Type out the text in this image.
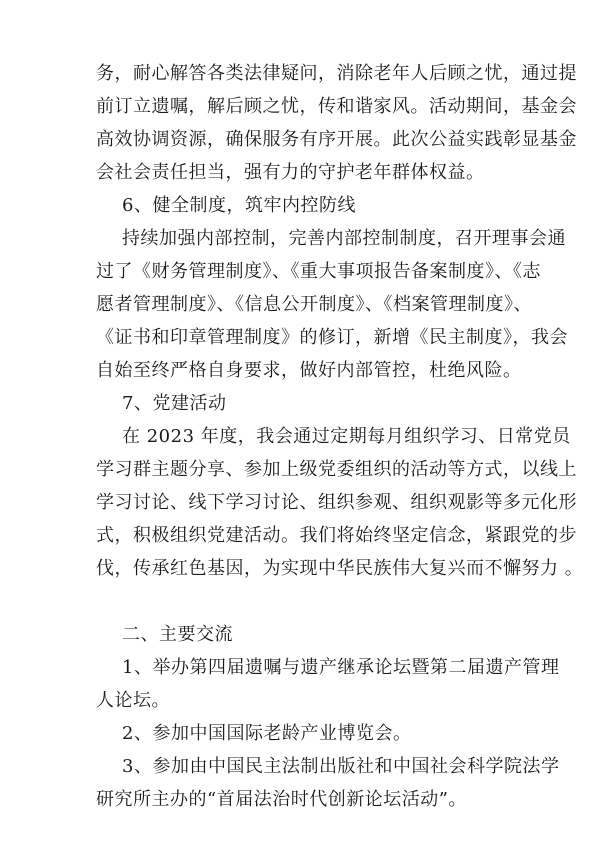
务，耐心解答各类法律疑问，消除老年人后顾之忧，通过提
前订立遗嘱，解后顾之忧，传和谐家风。活动期间，基金会
高效协调资源，确保服务有序开展。此次公益实践彰显基金
会社会责任担当，强有力的守护老年群体权益。
6、健全制度，筑牢内控防线
持续加强内部控制，完善内部控制制度，召开理事会通
过了《财务管理制度》、《重大事项报告备案制度》、《志
愿者管理制度》、《信息公开制度》、《档案管理制度》、
《证书和印章管理制度》的修订，新增《民主制度》，我会
自始至终严格自身要求，做好内部管控，杜绝风险。
7、党建活动
在 2023 年度，我会通过定期每月组织学习、日常党员
学习群主题分享、参加上级党委组织的活动等方式，以线上
学习讨论、线下学习讨论、组织参观、组织观影等多元化形
式，积极组织党建活动。我们将始终坚定信念，紧跟党的步
伐，传承红色基因，为实现中华民族伟大复兴而不懈努力 。
二、主要交流
1、举办第四届遗嘱与遗产继承论坛暨第二届遗产管理
人论坛。
2、参加中国国际老龄产业博览会。
3、参加由中国民主法制出版社和中国社会科学院法学
研究所主办的“首届法治时代创新论坛活动”。
